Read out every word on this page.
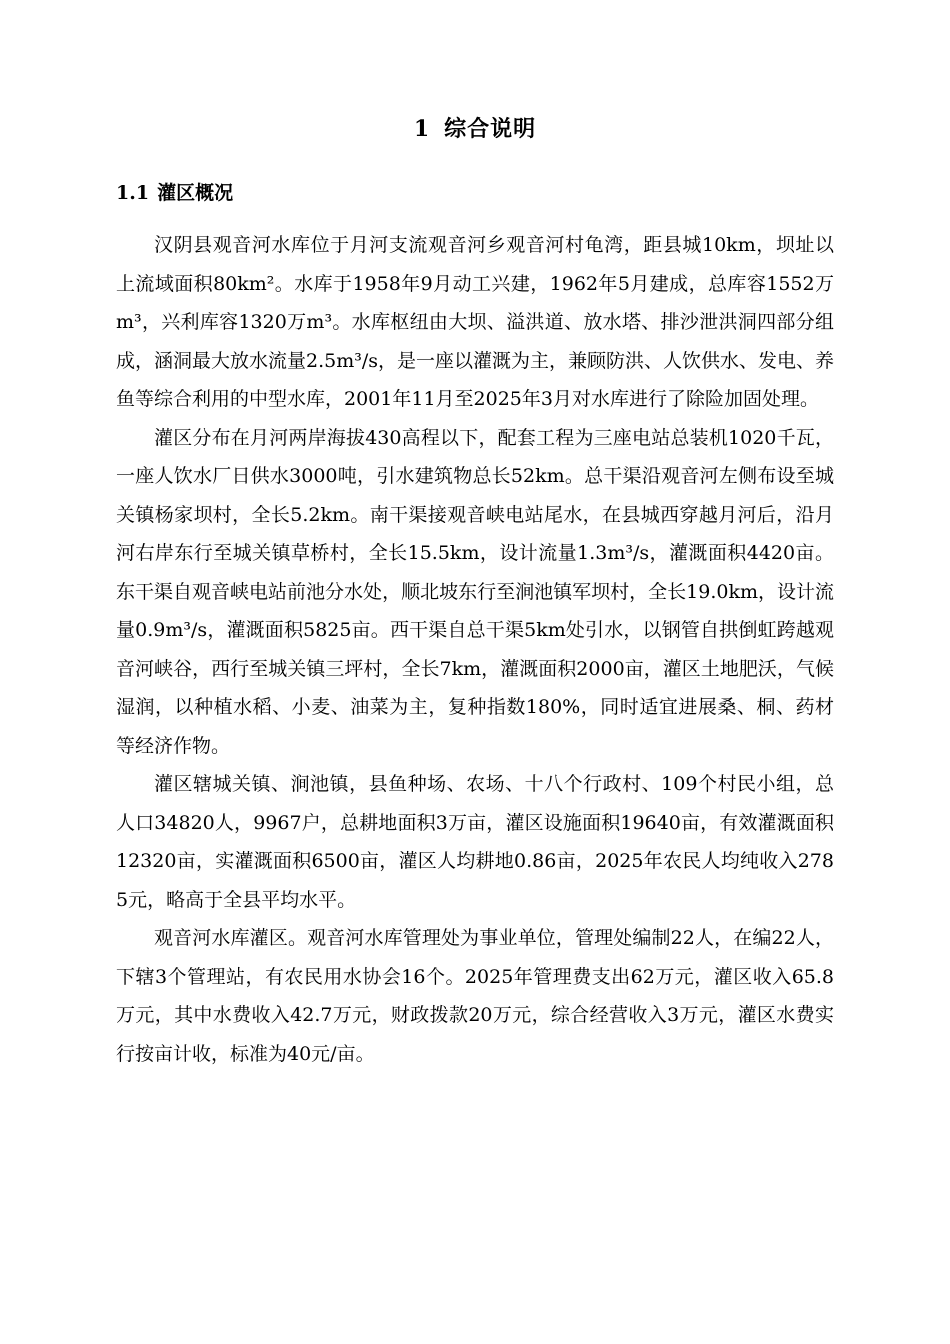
1 综合说明
1.1 灌区概况

汉阴县观音河水库位于月河支流观音河乡观音河村龟湾，距县城10km，坝址以上流域面积80km²。水库于1958年9月动工兴建，1962年5月建成，总库容1552万m³，兴利库容1320万m³。水库枢纽由大坝、溢洪道、放水塔、排沙泄洪洞四部分组成，涵洞最大放水流量2.5m³/s，是一座以灌溉为主，兼顾防洪、人饮供水、发电、养鱼等综合利用的中型水库，2001年11月至2025年3月对水库进行了除险加固处理。

灌区分布在月河两岸海拔430高程以下，配套工程为三座电站总装机1020千瓦，一座人饮水厂日供水3000吨，引水建筑物总长52km。总干渠沿观音河左侧布设至城关镇杨家坝村，全长5.2km。南干渠接观音峡电站尾水，在县城西穿越月河后，沿月河右岸东行至城关镇草桥村，全长15.5km，设计流量1.3m³/s，灌溉面积4420亩。东干渠自观音峡电站前池分水处，顺北坡东行至涧池镇军坝村，全长19.0km，设计流量0.9m³/s，灌溉面积5825亩。西干渠自总干渠5km处引水，以钢管自拱倒虹跨越观音河峡谷，西行至城关镇三坪村，全长7km，灌溉面积2000亩，灌区土地肥沃，气候湿润，以种植水稻、小麦、油菜为主，复种指数180%，同时适宜进展桑、桐、药材等经济作物。

灌区辖城关镇、涧池镇，县鱼种场、农场、十八个行政村、109个村民小组，总人口34820人，9967户，总耕地面积3万亩，灌区设施面积19640亩，有效灌溉面积12320亩，实灌溉面积6500亩，灌区人均耕地0.86亩，2025年农民人均纯收入2785元，略高于全县平均水平。

观音河水库灌区。观音河水库管理处为事业单位，管理处编制22人，在编22人，下辖3个管理站，有农民用水协会16个。2025年管理费支出62万元，灌区收入65.8万元，其中水费收入42.7万元，财政拨款20万元，综合经营收入3万元，灌区水费实行按亩计收，标准为40元/亩。
